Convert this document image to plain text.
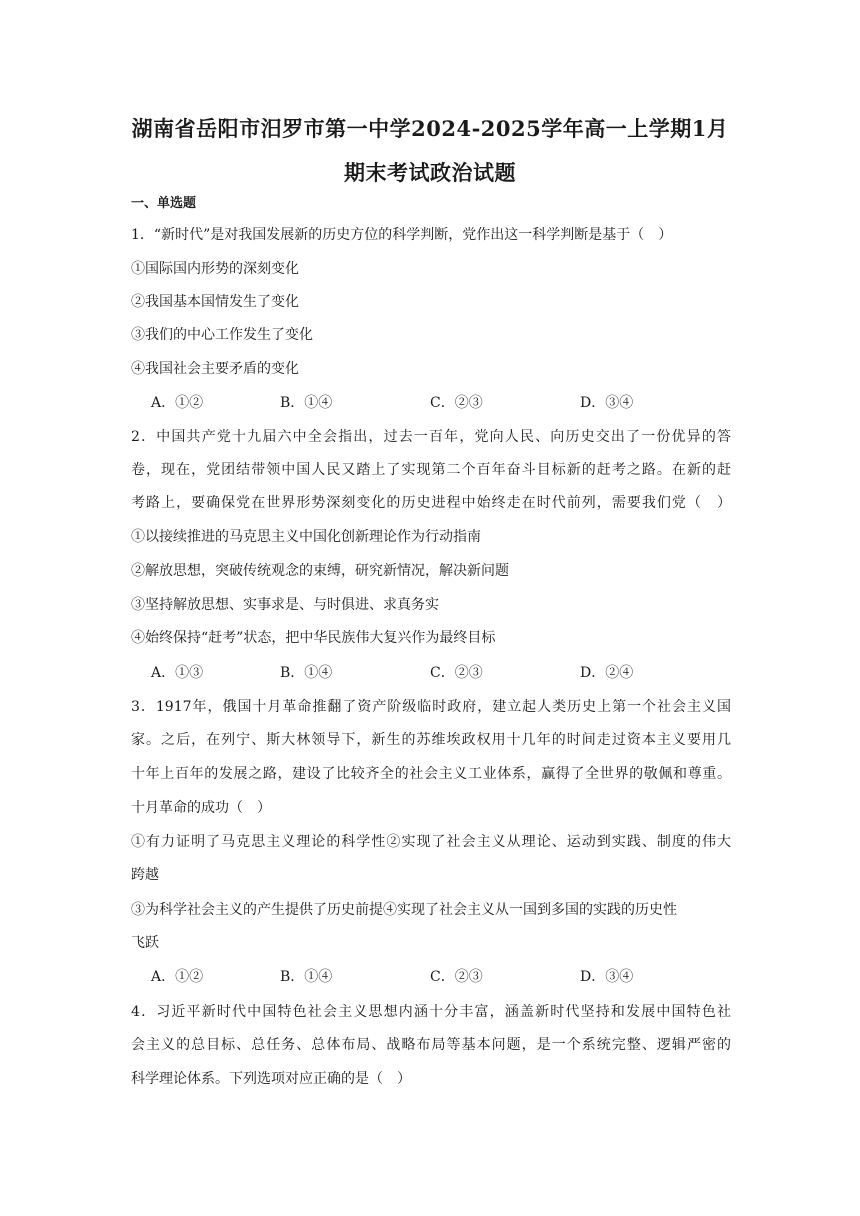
湖南省岳阳市汨罗市第一中学2024-2025学年高一上学期1月
期末考试政治试题
一、单选题
1．“新时代”是对我国发展新的历史方位的科学判断，党作出这一科学判断是基于（　）
①国际国内形势的深刻变化
②我国基本国情发生了变化
③我们的中心工作发生了变化
④我国社会主要矛盾的变化
A．①②	B．①④	C．②③	D．③④
2．中国共产党十九届六中全会指出，过去一百年，党向人民、向历史交出了一份优异的答
卷，现在，党团结带领中国人民又踏上了实现第二个百年奋斗目标新的赶考之路。在新的赶
考路上，要确保党在世界形势深刻变化的历史进程中始终走在时代前列，需要我们党（　）
①以接续推进的马克思主义中国化创新理论作为行动指南
②解放思想，突破传统观念的束缚，研究新情况，解决新问题
③坚持解放思想、实事求是、与时俱进、求真务实
④始终保持“赶考”状态，把中华民族伟大复兴作为最终目标
A．①③	B．①④	C．②③	D．②④
3．1917年，俄国十月革命推翻了资产阶级临时政府，建立起人类历史上第一个社会主义国
家。之后，在列宁、斯大林领导下，新生的苏维埃政权用十几年的时间走过资本主义要用几
十年上百年的发展之路，建设了比较齐全的社会主义工业体系，赢得了全世界的敬佩和尊重。
十月革命的成功（　）
①有力证明了马克思主义理论的科学性②实现了社会主义从理论、运动到实践、制度的伟大
跨越
③为科学社会主义的产生提供了历史前提④实现了社会主义从一国到多国的实践的历史性
飞跃
A．①②	B．①④	C．②③	D．③④
4．习近平新时代中国特色社会主义思想内涵十分丰富，涵盖新时代坚持和发展中国特色社
会主义的总目标、总任务、总体布局、战略布局等基本问题，是一个系统完整、逻辑严密的
科学理论体系。下列选项对应正确的是（　）
